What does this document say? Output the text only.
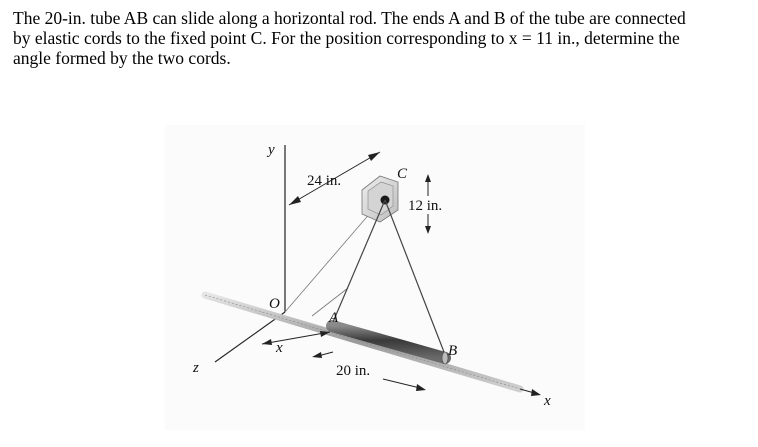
The 20-in. tube AB can slide along a horizontal rod. The ends A and B of the tube are connected
by elastic cords to the fixed point C. For the position corresponding to x = 11 in., determine the
angle formed by the two cords.
y
24 in.	C
12 in.
O
A
B
x
20 in.
z
x
